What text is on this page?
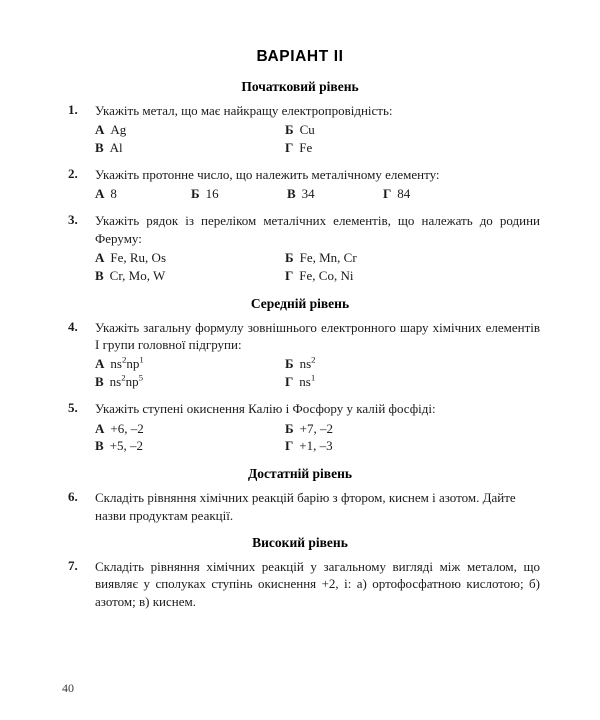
ВАРІАНТ II
Початковий рівень
1. Укажіть метал, що має найкращу електропровідність:

А Ag	Б Cu
В Al	Г Fe
2. Укажіть протонне число, що належить металічному елементу:

А 8	Б 16	В 34	Г 84
3. Укажіть рядок із переліком металічних елементів, що належать до родини Феруму:

А Fe, Ru, Os	Б Fe, Mn, Cr
В Cr, Mo, W	Г Fe, Co, Ni
Середній рівень
4. Укажіть загальну формулу зовнішнього електронного шару хімічних елементів І групи головної підгрупи:

А $ns^2np^1$	Б $ns^2$
В $ns^2np^5$	Г $ns^1$
5. Укажіть ступені окиснення Калію і Фосфору у калій фосфіді:

А +6, –2	Б +7, –2
В +5, –2	Г +1, –3
Достатній рівень
6. Складіть рівняння хімічних реакцій барію з фтором, киснем і азотом. Дайте назви продуктам реакції.

Високий рівень
7. Складіть рівняння хімічних реакцій у загальному вигляді між металом, що виявляє у сполуках ступінь окиснення +2, і: а) ортофосфатною кислотою; б) азотом; в) киснем.

40
